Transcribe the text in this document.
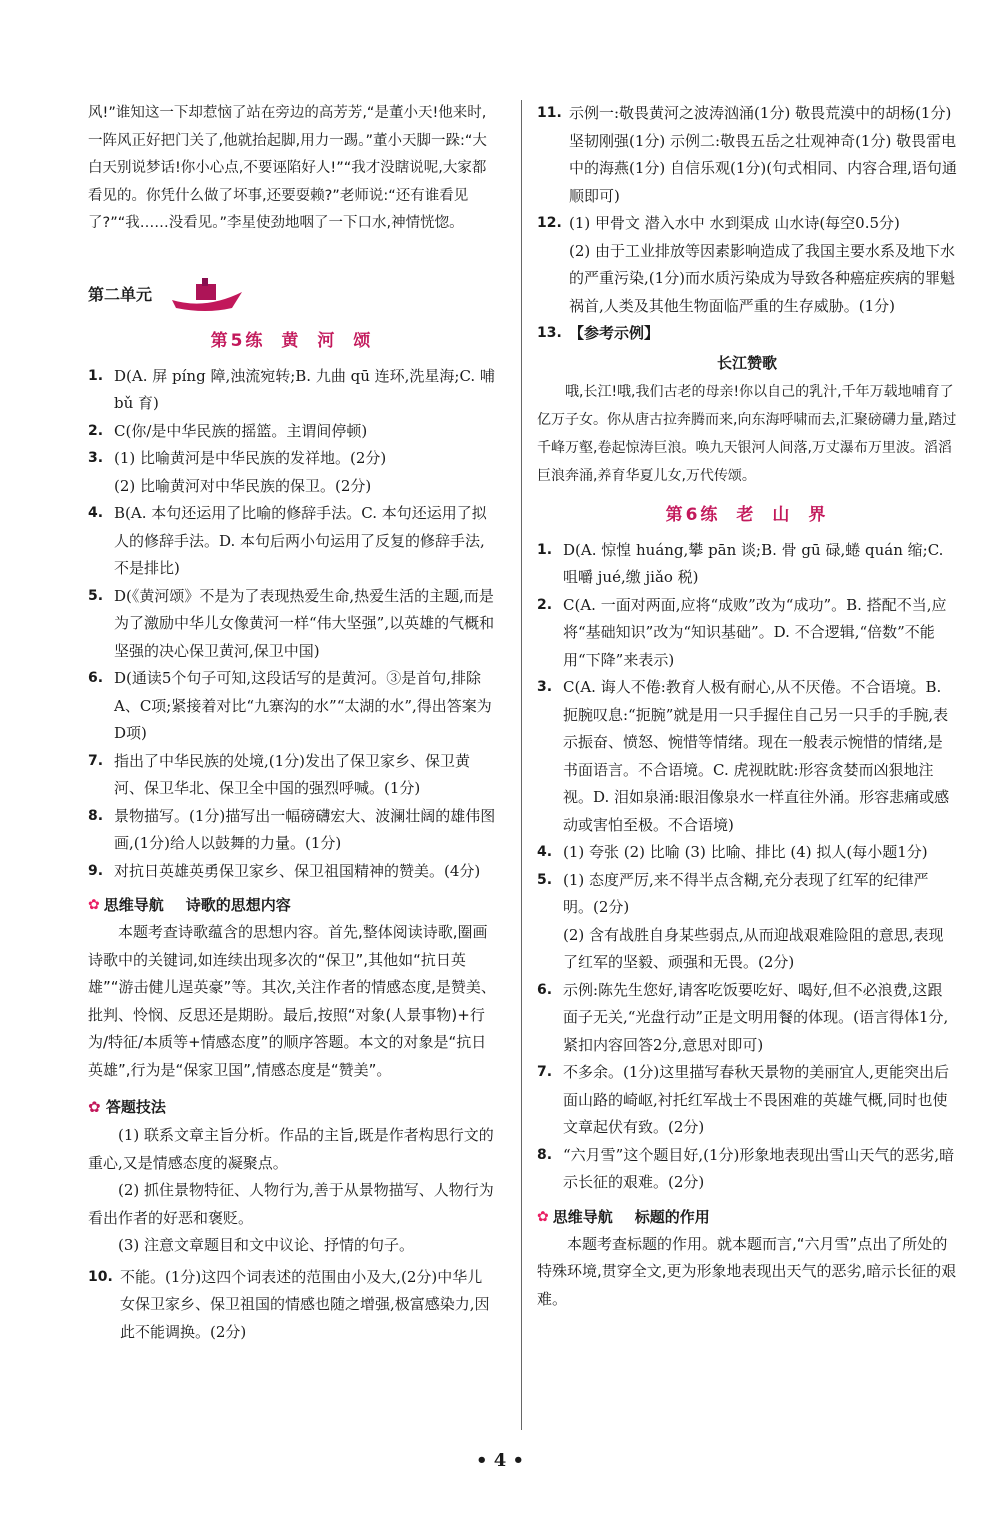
风!”谁知这一下却惹恼了站在旁边的高芳芳,“是董小天!他来时,一阵风正好把门关了,他就抬起脚,用力一踢。”董小天脚一跺:“大白天别说梦话!你小心点,不要诬陷好人!”“我才没瞎说呢,大家都看见的。你凭什么做了坏事,还要耍赖?”老师说:“还有谁看见了?”“我……没看见。”李星使劲地咽了一下口水,神情恍惚。

第二单元
第5练 黄 河 颂
1. D(A. 屏 píng 障,浊流宛转;B. 九曲 qū 连环,洗星海;C. 哺 bǔ 育)

2. C(你/是中华民族的摇篮。主谓间停顿)

3. (1) 比喻黄河是中华民族的发祥地。(2分)

(2) 比喻黄河对中华民族的保卫。(2分)

4. B(A. 本句还运用了比喻的修辞手法。C. 本句还运用了拟人的修辞手法。D. 本句后两小句运用了反复的修辞手法,不是排比)

5. D(《黄河颂》不是为了表现热爱生命,热爱生活的主题,而是为了激励中华儿女像黄河一样“伟大坚强”,以英雄的气概和坚强的决心保卫黄河,保卫中国)

6. D(通读5个句子可知,这段话写的是黄河。③是首句,排除A、C项;紧接着对比“九寨沟的水”“太湖的水”,得出答案为D项)

7. 指出了中华民族的处境,(1分)发出了保卫家乡、保卫黄河、保卫华北、保卫全中国的强烈呼喊。(1分)

8. 景物描写。(1分)描写出一幅磅礴宏大、波澜壮阔的雄伟图画,(1分)给人以鼓舞的力量。(1分)

9. 对抗日英雄英勇保卫家乡、保卫祖国精神的赞美。(4分)

✿ 思维导航 诗歌的思想内容

本题考查诗歌蕴含的思想内容。首先,整体阅读诗歌,圈画诗歌中的关键词,如连续出现多次的“保卫”,其他如“抗日英雄”“游击健儿逞英豪”等。其次,关注作者的情感态度,是赞美、批判、怜悯、反思还是期盼。最后,按照“对象(人景事物)+行为/特征/本质等+情感态度”的顺序答题。本文的对象是“抗日英雄”,行为是“保家卫国”,情感态度是“赞美”。

✿ 答题技法

(1) 联系文章主旨分析。作品的主旨,既是作者构思行文的重心,又是情感态度的凝聚点。

(2) 抓住景物特征、人物行为,善于从景物描写、人物行为看出作者的好恶和褒贬。

(3) 注意文章题目和文中议论、抒情的句子。

10. 不能。(1分)这四个词表述的范围由小及大,(2分)中华儿女保卫家乡、保卫祖国的情感也随之增强,极富感染力,因此不能调换。(2分)

11. 示例一:敬畏黄河之波涛汹涌(1分) 敬畏荒漠中的胡杨(1分) 坚韧刚强(1分) 示例二:敬畏五岳之壮观神奇(1分) 敬畏雷电中的海燕(1分) 自信乐观(1分)(句式相同、内容合理,语句通顺即可)

12. (1) 甲骨文 潜入水中 水到渠成 山水诗(每空0.5分)

(2) 由于工业排放等因素影响造成了我国主要水系及地下水的严重污染,(1分)而水质污染成为导致各种癌症疾病的罪魁祸首,人类及其他生物面临严重的生存威胁。(1分)

13. 【参考示例】

长江赞歌

哦,长江!哦,我们古老的母亲!你以自己的乳汁,千年万载地哺育了亿万子女。你从唐古拉奔腾而来,向东海呼啸而去,汇聚磅礴力量,踏过千峰万壑,卷起惊涛巨浪。唤九天银河人间落,万丈瀑布万里波。滔滔巨浪奔涌,养育华夏儿女,万代传颂。

第6练 老 山 界
1. D(A. 惊惶 huáng,攀 pān 谈;B. 骨 gū 碌,蜷 quán 缩;C. 咀嚼 jué,缴 jiǎo 税)

2. C(A. 一面对两面,应将“成败”改为“成功”。B. 搭配不当,应将“基础知识”改为“知识基础”。D. 不合逻辑,“倍数”不能用“下降”来表示)

3. C(A. 诲人不倦:教育人极有耐心,从不厌倦。不合语境。B. 扼腕叹息:“扼腕”就是用一只手握住自己另一只手的手腕,表示振奋、愤怒、惋惜等情绪。现在一般表示惋惜的情绪,是书面语言。不合语境。C. 虎视眈眈:形容贪婪而凶狠地注视。D. 泪如泉涌:眼泪像泉水一样直往外涌。形容悲痛或感动或害怕至极。不合语境)

4. (1) 夸张 (2) 比喻 (3) 比喻、排比 (4) 拟人(每小题1分)

5. (1) 态度严厉,来不得半点含糊,充分表现了红军的纪律严明。(2分)

(2) 含有战胜自身某些弱点,从而迎战艰难险阻的意思,表现了红军的坚毅、顽强和无畏。(2分)

6. 示例:陈先生您好,请客吃饭要吃好、喝好,但不必浪费,这跟面子无关,“光盘行动”正是文明用餐的体现。(语言得体1分,紧扣内容回答2分,意思对即可)

7. 不多余。(1分)这里描写春秋天景物的美丽宜人,更能突出后面山路的崎岖,衬托红军战士不畏困难的英雄气概,同时也使文章起伏有致。(2分)

8. “六月雪”这个题目好,(1分)形象地表现出雪山天气的恶劣,暗示长征的艰难。(2分)

✿ 思维导航 标题的作用

本题考查标题的作用。就本题而言,“六月雪”点出了所处的特殊环境,贯穿全文,更为形象地表现出天气的恶劣,暗示长征的艰难。

• 4 •
